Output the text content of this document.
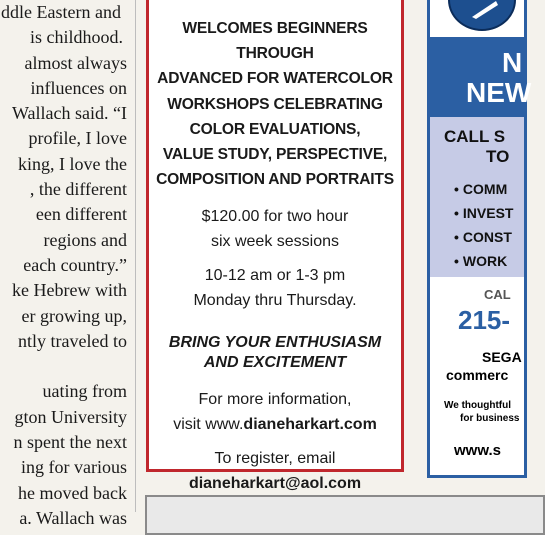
ddle Eastern and
is childhood.
almost always
influences on
Wallach said. “I
profile, I love
king, I love the
, the different
een different
regions and
each country.”
ke Hebrew with
er growing up,
ntly traveled to

uating from
gton University
n spent the next
ing for various
he moved back
a. Wallach was
WELCOMES BEGINNERS THROUGH
ADVANCED FOR WATERCOLOR
WORKSHOPS CELEBRATING
COLOR EVALUATIONS,
VALUE STUDY, PERSPECTIVE,
COMPOSITION AND PORTRAITS
$120.00 for two hour
six week sessions
10-12 am or 1-3 pm
Monday thru Thursday.
BRING YOUR ENTHUSIASM
AND EXCITEMENT
For more information,
visit www.dianeharkart.com
To register, email
dianeharkart@aol.com
N
NEW
CALL S
TO
• COMM
• INVEST
• CONST
• WORK
CAL
215-
SEGA
commerc
We thoughtful
for business
www.s
